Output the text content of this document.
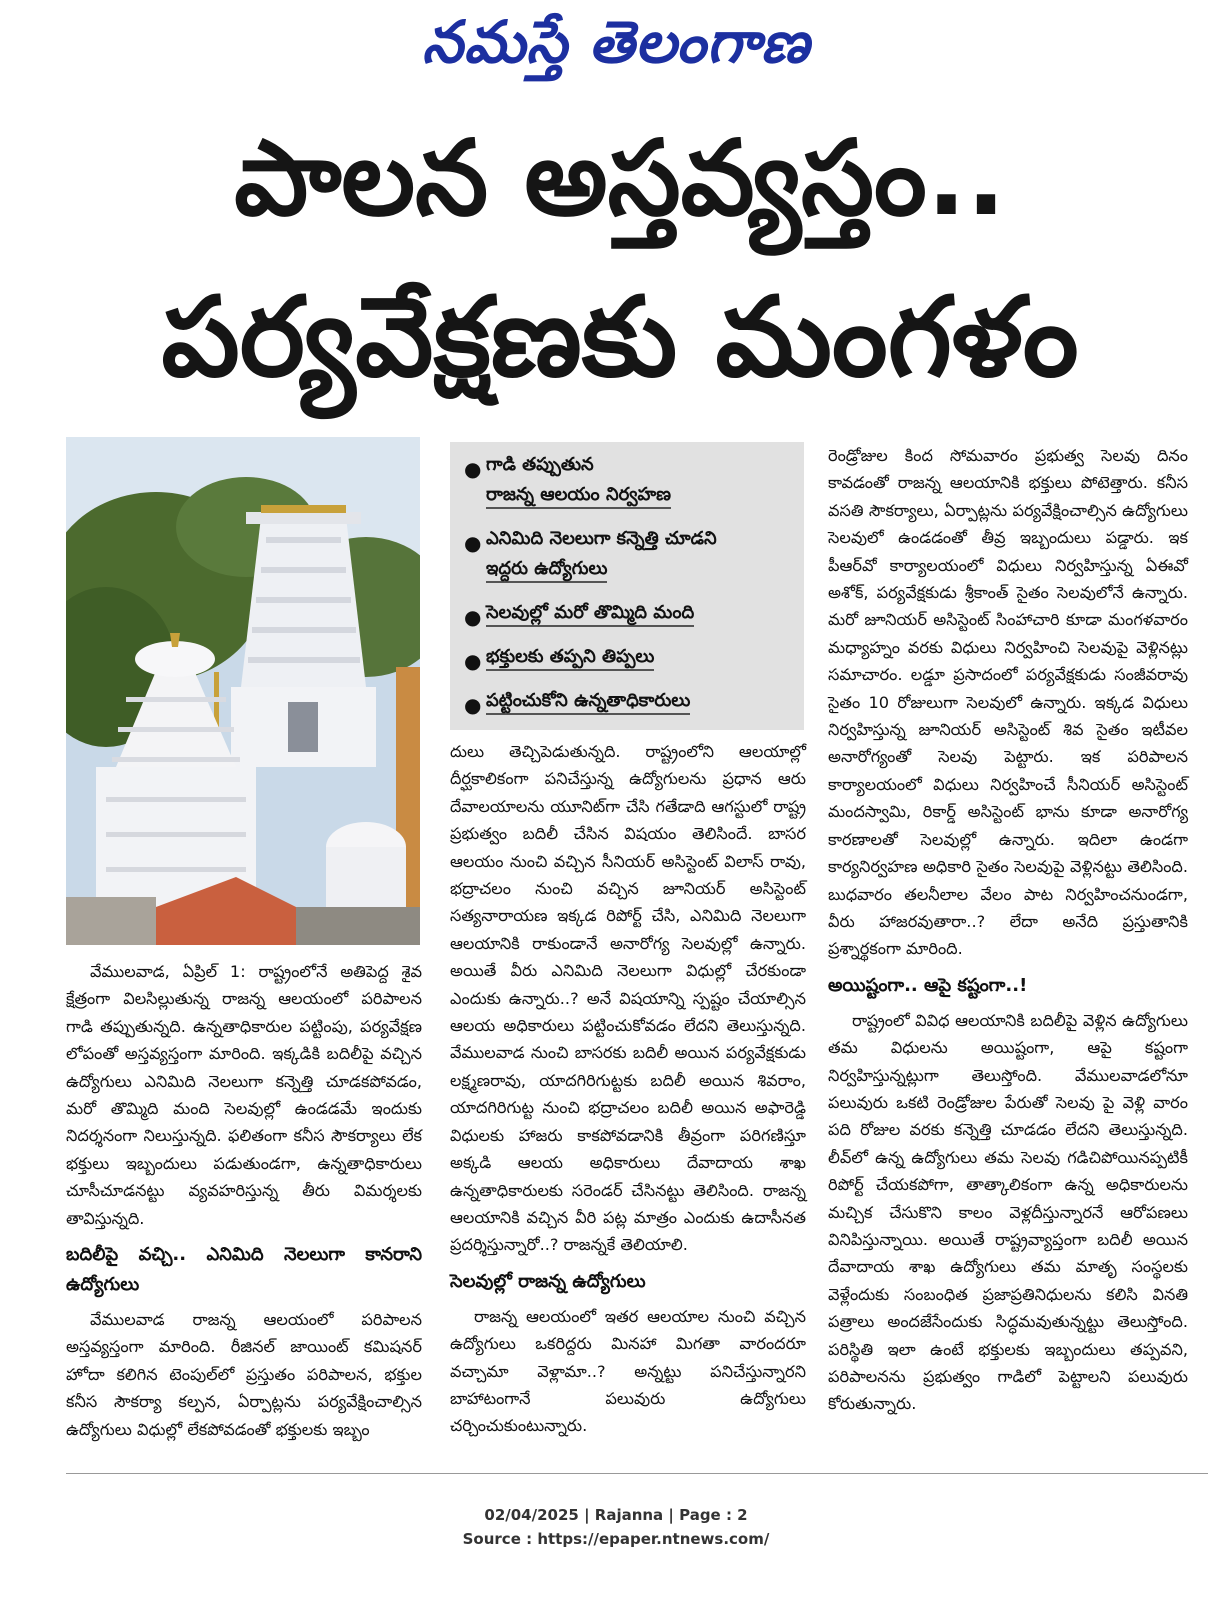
నమస్తే తెలంగాణ
పాలన అస్తవ్యస్తం..
పర్యవేక్షణకు మంగళం

వేములవాడ, ఏప్రిల్ 1: రాష్ట్రంలోనే అతిపెద్ద శైవ క్షేత్రంగా విలసిల్లుతున్న రాజన్న ఆలయంలో పరిపాలన గాడి తప్పుతున్నది. ఉన్నతాధికారుల పట్టింపు, పర్యవేక్షణ లోపంతో అస్తవ్యస్తంగా మారింది. ఇక్కడికి బదిలీపై వచ్చిన ఉద్యోగులు ఎనిమిది నెలలుగా కన్నెత్తి చూడకపోవడం, మరో తొమ్మిది మంది సెలవుల్లో ఉండడమే ఇందుకు నిదర్శనంగా నిలుస్తున్నది. ఫలితంగా కనీస సౌకర్యాలు లేక భక్తులు ఇబ్బందులు పడుతుండగా, ఉన్నతాధికారులు చూసీచూడనట్టు వ్యవహరిస్తున్న తీరు విమర్శలకు తావిస్తున్నది.

బదిలీపై వచ్చి.. ఎనిమిది నెలలుగా కానరాని ఉద్యోగులు

వేములవాడ రాజన్న ఆలయంలో పరిపాలన అస్తవ్యస్తంగా మారింది. రీజినల్ జాయింట్ కమిషనర్ హోదా కలిగిన టెంపుల్‌లో ప్రస్తుతం పరిపాలన, భక్తుల కనీస సౌకర్యా కల్పన, ఏర్పాట్లను పర్యవేక్షించాల్సిన ఉద్యోగులు విధుల్లో లేకపోవడంతో భక్తులకు ఇబ్బం

● గాడి తప్పుతున
రాజన్న ఆలయం నిర్వహణ
● ఎనిమిది నెలలుగా కన్నెత్తి చూడని
ఇద్దరు ఉద్యోగులు
● సెలవుల్లో మరో తొమ్మిది మంది
● భక్తులకు తప్పని తిప్పలు
● పట్టించుకోని ఉన్నతాధికారులు

దులు తెచ్చిపెడుతున్నది. రాష్ట్రంలోని ఆలయాల్లో దీర్ఘకాలికంగా పనిచేస్తున్న ఉద్యోగులను ప్రధాన ఆరు దేవాలయాలను యూనిట్‌గా చేసి గతేడాది ఆగస్టులో రాష్ట్ర ప్రభుత్వం బదిలీ చేసిన విషయం తెలిసిందే. బాసర ఆలయం నుంచి వచ్చిన సీనియర్ అసిస్టెంట్ విలాస్ రావు, భద్రాచలం నుంచి వచ్చిన జూనియర్ అసిస్టెంట్ సత్యనారాయణ ఇక్కడ రిపోర్ట్ చేసి, ఎనిమిది నెలలుగా ఆలయానికి రాకుండానే అనారోగ్య సెలవుల్లో ఉన్నారు. అయితే వీరు ఎనిమిది నెలలుగా విధుల్లో చేరకుండా ఎందుకు ఉన్నారు..? అనే విషయాన్ని స్పష్టం చేయాల్సిన ఆలయ అధికారులు పట్టించుకోవడం లేదని తెలుస్తున్నది. వేములవాడ నుంచి బాసరకు బదిలీ అయిన పర్యవేక్షకుడు లక్ష్మణరావు, యాదగిరిగుట్టకు బదిలీ అయిన శివరాం, యాదగిరిగుట్ట నుంచి భద్రాచలం బదిలీ అయిన అఫారెడ్డి విధులకు హాజరు కాకపోవడానికి తీవ్రంగా పరిగణిస్తూ అక్కడి ఆలయ అధికారులు దేవాదాయ శాఖ ఉన్నతాధికారులకు సరెండర్ చేసినట్టు తెలిసింది. రాజన్న ఆలయానికి వచ్చిన వీరి పట్ల మాత్రం ఎందుకు ఉదాసీనత ప్రదర్శిస్తున్నారో..? రాజన్నకే తెలియాలి.

సెలవుల్లో రాజన్న ఉద్యోగులు

రాజన్న ఆలయంలో ఇతర ఆలయాల నుంచి వచ్చిన ఉద్యోగులు ఒకరిద్దరు మినహా మిగతా వారందరూ వచ్చామా వెళ్లామా..? అన్నట్టు పనిచేస్తున్నారని బాహాటంగానే పలువురు ఉద్యోగులు చర్చించుకుంటున్నారు.

రెండ్రోజుల కింద సోమవారం ప్రభుత్వ సెలవు దినం కావడంతో రాజన్న ఆలయానికి భక్తులు పోటెత్తారు. కనీస వసతి సౌకర్యాలు, ఏర్పాట్లను పర్యవేక్షించాల్సిన ఉద్యోగులు సెలవులో ఉండడంతో తీవ్ర ఇబ్బందులు పడ్డారు. ఇక పీఆర్‌వో కార్యాలయంలో విధులు నిర్వహిస్తున్న ఏఈవో అశోక్, పర్యవేక్షకుడు శ్రీకాంత్ సైతం సెలవులోనే ఉన్నారు. మరో జూనియర్ అసిస్టెంట్ సింహాచారి కూడా మంగళవారం మధ్యాహ్నం వరకు విధులు నిర్వహించి సెలవుపై వెళ్లినట్లు సమాచారం. లడ్డూ ప్రసాదంలో పర్యవేక్షకుడు సంజీవరావు సైతం 10 రోజులుగా సెలవులో ఉన్నారు. ఇక్కడ విధులు నిర్వహిస్తున్న జూనియర్ అసిస్టెంట్ శివ సైతం ఇటీవల అనారోగ్యంతో సెలవు పెట్టారు. ఇక పరిపాలన కార్యాలయంలో విధులు నిర్వహించే సీనియర్ అసిస్టెంట్ మందస్వామి, రికార్డ్ అసిస్టెంట్ భాను కూడా అనారోగ్య కారణాలతో సెలవుల్లో ఉన్నారు. ఇదిలా ఉండగా కార్యనిర్వహణ అధికారి సైతం సెలవుపై వెళ్లినట్టు తెలిసింది. బుధవారం తలనీలాల వేలం పాట నిర్వహించనుండగా, వీరు హాజరవుతారా..? లేదా అనేది ప్రస్తుతానికి ప్రశ్నార్థకంగా మారింది.

అయిష్టంగా.. ఆపై కష్టంగా..!

రాష్ట్రంలో వివిధ ఆలయానికి బదిలీపై వెళ్లిన ఉద్యోగులు తమ విధులను అయిష్టంగా, ఆపై కష్టంగా నిర్వహిస్తున్నట్లుగా తెలుస్తోంది. వేములవాడలోనూ పలువురు ఒకటి రెండ్రోజుల పేరుతో సెలవు పై వెళ్లి వారం పది రోజుల వరకు కన్నెత్తి చూడడం లేదని తెలుస్తున్నది. లీవ్‌లో ఉన్న ఉద్యోగులు తమ సెలవు గడిచిపోయినప్పటికీ రిపోర్ట్ చేయకపోగా, తాత్కాలికంగా ఉన్న అధికారులను మచ్చిక చేసుకొని కాలం వెళ్లదీస్తున్నారనే ఆరోపణలు వినిపిస్తున్నాయి. అయితే రాష్ట్రవ్యాప్తంగా బదిలీ అయిన దేవాదాయ శాఖ ఉద్యోగులు తమ మాతృ సంస్థలకు వెళ్లేందుకు సంబంధిత ప్రజాప్రతినిధులను కలిసి వినతి పత్రాలు అందజేసేందుకు సిద్ధమవుతున్నట్టు తెలుస్తోంది. పరిస్థితి ఇలా ఉంటే భక్తులకు ఇబ్బందులు తప్పవని, పరిపాలనను ప్రభుత్వం గాడిలో పెట్టాలని పలువురు కోరుతున్నారు.

02/04/2025 | Rajanna | Page : 2
Source : https://epaper.ntnews.com/
